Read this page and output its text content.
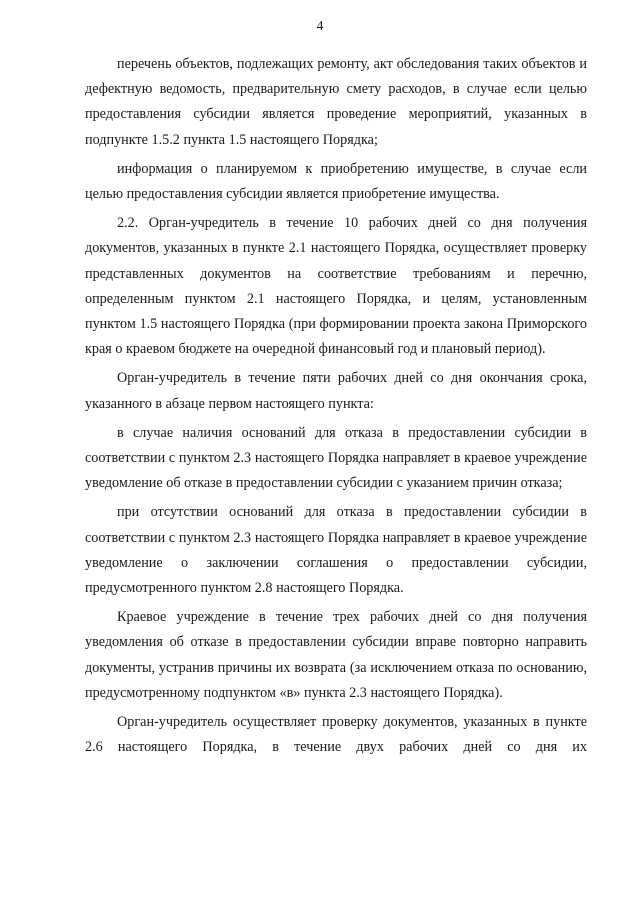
4

перечень объектов, подлежащих ремонту, акт обследования таких объектов и дефектную ведомость, предварительную смету расходов, в случае если целью предоставления субсидии является проведение мероприятий, указанных в подпункте 1.5.2 пункта 1.5 настоящего Порядка;

информация о планируемом к приобретению имуществе, в случае если целью предоставления субсидии является приобретение имущества.

2.2. Орган-учредитель в течение 10 рабочих дней со дня получения документов, указанных в пункте 2.1 настоящего Порядка, осуществляет проверку представленных документов на соответствие требованиям и перечню, определенным пунктом 2.1 настоящего Порядка, и целям, установленным пунктом 1.5 настоящего Порядка (при формировании проекта закона Приморского края о краевом бюджете на очередной финансовый год и плановый период).

Орган-учредитель в течение пяти рабочих дней со дня окончания срока, указанного в абзаце первом настоящего пункта:

в случае наличия оснований для отказа в предоставлении субсидии в соответствии с пунктом 2.3 настоящего Порядка направляет в краевое учреждение уведомление об отказе в предоставлении субсидии с указанием причин отказа;

при отсутствии оснований для отказа в предоставлении субсидии в соответствии с пунктом 2.3 настоящего Порядка направляет в краевое учреждение уведомление о заключении соглашения о предоставлении субсидии, предусмотренного пунктом 2.8 настоящего Порядка.

Краевое учреждение в течение трех рабочих дней со дня получения уведомления об отказе в предоставлении субсидии вправе повторно направить документы, устранив причины их возврата (за исключением отказа по основанию, предусмотренному подпунктом «в» пункта 2.3 настоящего Порядка).

Орган-учредитель осуществляет проверку документов, указанных в пункте 2.6 настоящего Порядка, в течение двух рабочих дней со дня их
